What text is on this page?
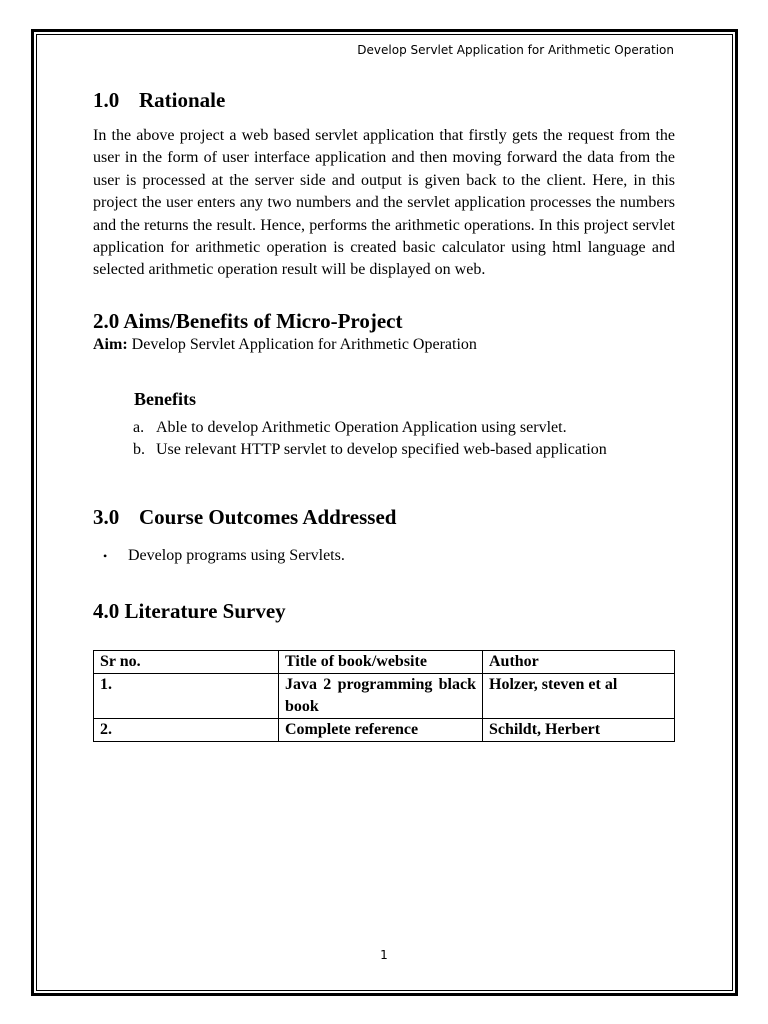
Develop Servlet Application for Arithmetic Operation
1.0 Rationale

In the above project a web based servlet application that firstly gets the request from the user in the form of user interface application and then moving forward the data from the user is processed at the server side and output is given back to the client. Here, in this project the user enters any two numbers and the servlet application processes the numbers and the returns the result. Hence, performs the arithmetic operations. In this project servlet application for arithmetic operation is created basic calculator using html language and selected arithmetic operation result will be displayed on web.

2.0 Aims/Benefits of Micro-Project
Aim: Develop Servlet Application for Arithmetic Operation
Benefits
a. Able to develop Arithmetic Operation Application using servlet.
b. Use relevant HTTP servlet to develop specified web-based application
3.0 Course Outcomes Addressed
•	Develop programs using Servlets.
4.0 Literature Survey
Sr no.	Title of book/website	Author
1.	Java 2 programming black book	Holzer, steven et al
2.	Complete reference	Schildt, Herbert
1
